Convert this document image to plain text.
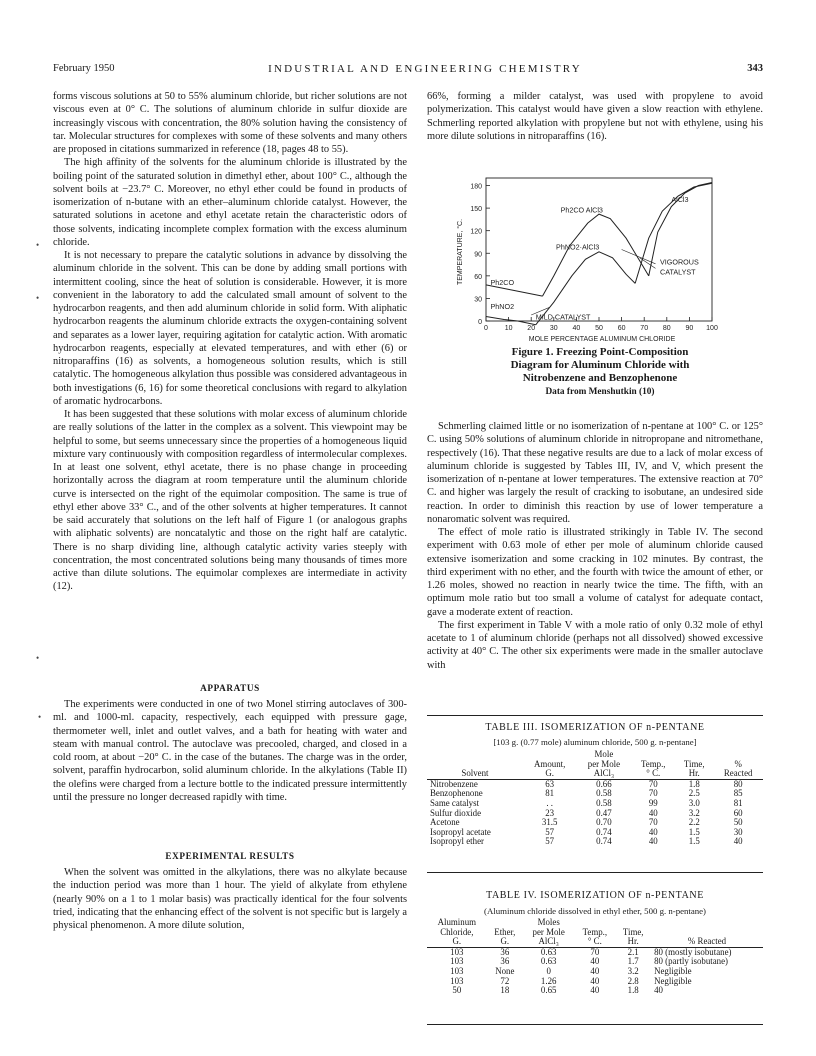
February 1950	INDUSTRIAL AND ENGINEERING CHEMISTRY	343
•
•
•
•

forms viscous solutions at 50 to 55% aluminum chloride, but richer solutions are not viscous even at 0° C. The solutions of aluminum chloride in sulfur dioxide are increasingly viscous with concentration, the 80% solution having the consistency of tar. Molecular structures for complexes with some of these solvents and many others are proposed in citations summarized in reference (18, pages 48 to 55).

The high affinity of the solvents for the aluminum chloride is illustrated by the boiling point of the saturated solution in dimethyl ether, about 100° C., although the solvent boils at −23.7° C. Moreover, no ethyl ether could be found in products of isomerization of n-butane with an ether–aluminum chloride catalyst. However, the saturated solutions in acetone and ethyl acetate retain the characteristic odors of those solvents, indicating incomplete complex formation with the excess aluminum chloride.

It is not necessary to prepare the catalytic solutions in advance by dissolving the aluminum chloride in the solvent. This can be done by adding small portions with intermittent cooling, since the heat of solution is considerable. However, it is more convenient in the laboratory to add the calculated small amount of solvent to the hydrocarbon reagents, and then add aluminum chloride in solid form. With aliphatic hydrocarbon reagents the aluminum chloride extracts the oxygen-containing solvent and separates as a lower layer, requiring agitation for catalytic action. With aromatic hydrocarbon reagents, especially at elevated temperatures, and with ether (6) or nitroparaffins (16) as solvents, a homogeneous solution results, which is still catalytic. The homogeneous alkylation thus possible was considered advantageous in both investigations (6, 16) for some theoretical conclusions with regard to alkylation of aromatic hydrocarbons.

It has been suggested that these solutions with molar excess of aluminum chloride are really solutions of the latter in the complex as a solvent. This viewpoint may be helpful to some, but seems unnecessary since the properties of a homogeneous liquid mixture vary continuously with composition regardless of intermolecular complexes. In at least one solvent, ethyl acetate, there is no phase change in proceeding horizontally across the diagram at room temperature until the aluminum chloride curve is intersected on the right of the equimolar composition. The same is true of ethyl ether above 33° C., and of the other solvents at higher temperatures. It cannot be said accurately that solutions on the left half of Figure 1 (or analogous graphs with aliphatic solvents) are noncatalytic and those on the right half are catalytic. There is no sharp dividing line, although catalytic activity varies steeply with concentration, the most concentrated solutions being many thousands of times more active than dilute solutions. The equimolar complexes are intermediate in activity (12).

APPARATUS

The experiments were conducted in one of two Monel stirring autoclaves of 300-ml. and 1000-ml. capacity, respectively, each equipped with pressure gage, thermometer well, inlet and outlet valves, and a bath for heating with water and steam with manual control. The autoclave was precooled, charged, and closed in a cold room, at about −20° C. in the case of the butanes. The charge was in the order, solvent, paraffin hydrocarbon, solid aluminum chloride. In the alkylations (Table II) the olefins were charged from a lecture bottle to the indicated pressure intermittently until the pressure no longer decreased rapidly with time.

EXPERIMENTAL RESULTS

When the solvent was omitted in the alkylations, there was no alkylate because the induction period was more than 1 hour. The yield of alkylate from ethylene (nearly 90% on a 1 to 1 molar basis) was practically identical for the four solvents tried, indicating that the enhancing effect of the solvent is not specific but is largely a physical phenomenon. A more dilute solution,

66%, forming a milder catalyst, was used with propylene to avoid polymerization. This catalyst would have given a slow reaction with ethylene. Schmerling reported alkylation with propylene but not with ethylene, using his more dilute solutions in nitroparaffins (16).

0
30
60
90
120
150
180
0 10 20 30 40 50 60 70 80 90 100
AlCl3
Ph2CO AlCl3
PhNO2·AlCl3
VIGOROUS
CATALYST
Ph2CO
PhNO2
MILD CATALYST
TEMPERATURE, °C.
MOLE PERCENTAGE ALUMINUM CHLORIDE
Figure 1. Freezing Point-Composition
Diagram for Aluminum Chloride with
Nitrobenzene and Benzophenone
Data from Menshutkin (10)

Schmerling claimed little or no isomerization of n-pentane at 100° C. or 125° C. using 50% solutions of aluminum chloride in nitropropane and nitromethane, respectively (16). That these negative results are due to a lack of molar excess of aluminum chloride is suggested by Tables III, IV, and V, which present the isomerization of n-pentane at lower temperatures. The extensive reaction at 70° C. and higher was largely the result of cracking to isobutane, an undesired side reaction. In order to diminish this reaction by use of lower temperature a nonaromatic solvent was required.

The effect of mole ratio is illustrated strikingly in Table IV. The second experiment with 0.63 mole of ether per mole of aluminum chloride caused extensive isomerization and some cracking in 102 minutes. By contrast, the third experiment with no ether, and the fourth with twice the amount of ether, or 1.26 moles, showed no reaction in nearly twice the time. The fifth, with an optimum mole ratio but too small a volume of catalyst for adequate contact, gave a moderate extent of reaction.

The first experiment in Table V with a mole ratio of only 0.32 mole of ethyl acetate to 1 of aluminum chloride (perhaps not all dissolved) showed excessive activity at 40° C. The other six experiments were made in the smaller autoclave with

TABLE III. ISOMERIZATION OF n-PENTANE
[103 g. (0.77 mole) aluminum chloride, 500 g. n-pentane]
		Mole			
	Amount,	per Mole	Temp.,	Time,	%
Solvent	G.	AlCl₃	° C.	Hr.	Reacted
Nitrobenzene	63	0.66	70	1.8	80
Benzophenone	81	0.58	70	2.5	85
Same catalyst	. .	0.58	99	3.0	81
Sulfur dioxide	23	0.47	40	3.2	60
Acetone	31.5	0.70	70	2.2	50
Isopropyl acetate	57	0.74	40	1.5	30
Isopropyl ether	57	0.74	40	1.5	40
TABLE IV. ISOMERIZATION OF n-PENTANE
(Aluminum chloride dissolved in ethyl ether, 500 g. n-pentane)
Aluminum		Moles			
Chloride,	Ether,	per Mole	Temp.,	Time,	
G.	G.	AlCl₃	° C.	Hr.	% Reacted
103	36	0.63	70	2.1	80 (mostly isobutane)
103	36	0.63	40	1.7	80 (partly isobutane)
103	None	0	40	3.2	Negligible
103	72	1.26	40	2.8	Negligible
50	18	0.65	40	1.8	40
